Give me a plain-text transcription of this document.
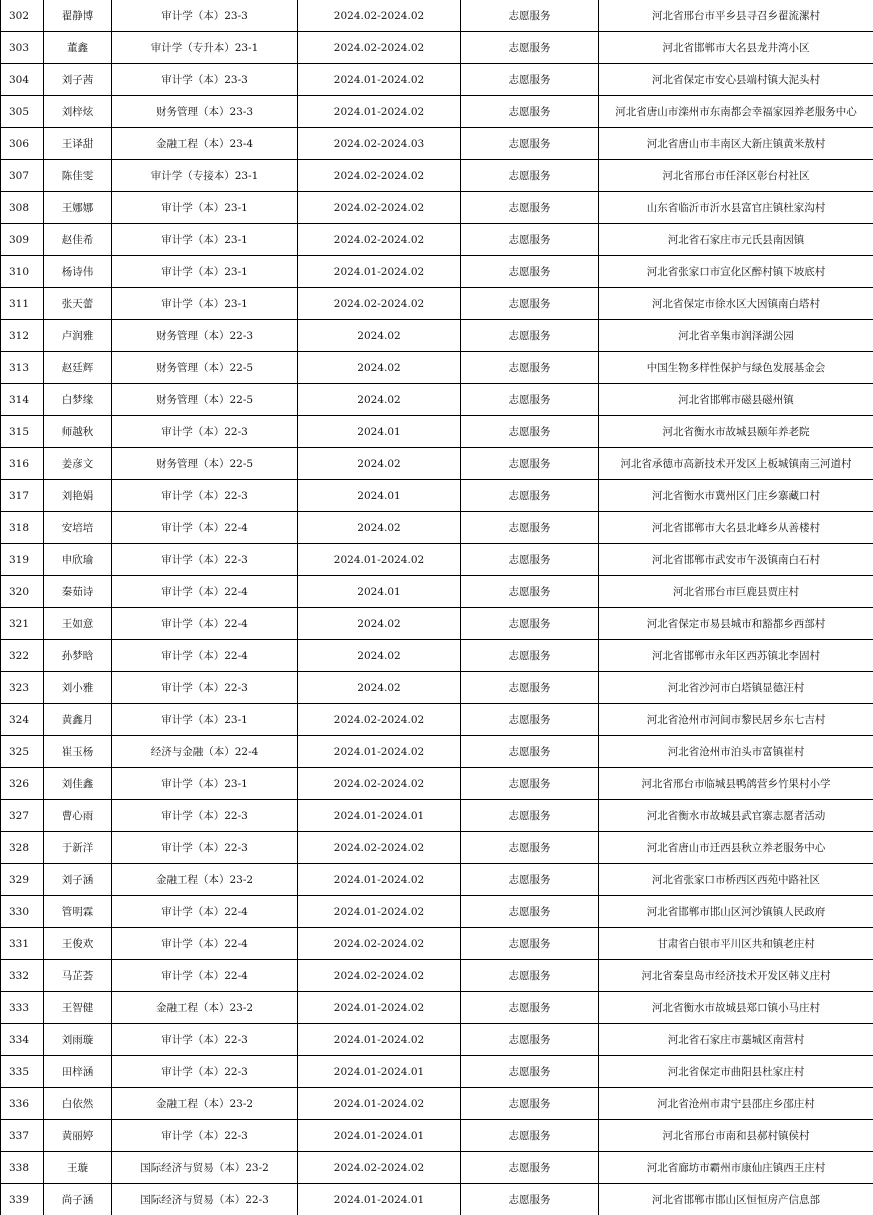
302	翟静博	审计学（本）23-3	2024.02-2024.02	志愿服务	河北省邢台市平乡县寻召乡翟流漯村
303	董鑫	审计学（专升本）23-1	2024.02-2024.02	志愿服务	河北省邯郸市大名县龙井湾小区
304	刘子茜	审计学（本）23-3	2024.01-2024.02	志愿服务	河北省保定市安心县端村镇大泥头村
305	刘梓炫	财务管理（本）23-3	2024.01-2024.02	志愿服务	河北省唐山市滦州市东南都会幸福家园养老服务中心
306	王译甜	金融工程（本）23-4	2024.02-2024.03	志愿服务	河北省唐山市丰南区大新庄镇黄米敖村
307	陈佳雯	审计学（专接本）23-1	2024.02-2024.02	志愿服务	河北省邢台市任泽区彰台村社区
308	王娜娜	审计学（本）23-1	2024.02-2024.02	志愿服务	山东省临沂市沂水县富官庄镇杜家沟村
309	赵佳希	审计学（本）23-1	2024.02-2024.02	志愿服务	河北省石家庄市元氏县南因镇
310	杨诗伟	审计学（本）23-1	2024.01-2024.02	志愿服务	河北省张家口市宣化区醉村镇下坡底村
311	张天蕾	审计学（本）23-1	2024.02-2024.02	志愿服务	河北省保定市徐水区大因镇南白塔村
312	卢润雅	财务管理（本）22-3	2024.02	志愿服务	河北省辛集市润泽湖公园
313	赵廷辉	财务管理（本）22-5	2024.02	志愿服务	中国生物多样性保护与绿色发展基金会
314	白梦缘	财务管理（本）22-5	2024.02	志愿服务	河北省邯郸市磁县磁州镇
315	师越秋	审计学（本）22-3	2024.01	志愿服务	河北省衡水市故城县颐年养老院
316	姜彦文	财务管理（本）22-5	2024.02	志愿服务	河北省承德市高新技术开发区上板城镇南三河道村
317	刘艳娟	审计学（本）22-3	2024.01	志愿服务	河北省衡水市冀州区门庄乡寨藏口村
318	安培培	审计学（本）22-4	2024.02	志愿服务	河北省邯郸市大名县北峰乡从善楼村
319	申欣瑜	审计学（本）22-3	2024.01-2024.02	志愿服务	河北省邯郸市武安市午汲镇南白石村
320	秦茹诗	审计学（本）22-4	2024.01	志愿服务	河北省邢台市巨鹿县贾庄村
321	王如意	审计学（本）22-4	2024.02	志愿服务	河北省保定市易县城市和豁都乡西部村
322	孙梦晗	审计学（本）22-4	2024.02	志愿服务	河北省邯郸市永年区西苏镇北李固村
323	刘小雅	审计学（本）22-3	2024.02	志愿服务	河北省沙河市白塔镇显德汪村
324	黄鑫月	审计学（本）23-1	2024.02-2024.02	志愿服务	河北省沧州市河间市黎民居乡东七吉村
325	崔玉杨	经济与金融（本）22-4	2024.01-2024.02	志愿服务	河北省沧州市泊头市富镇崔村
326	刘佳鑫	审计学（本）23-1	2024.02-2024.02	志愿服务	河北省邢台市临城县鸭鸽营乡竹果村小学
327	曹心雨	审计学（本）22-3	2024.01-2024.01	志愿服务	河北省衡水市故城县武官寨志愿者活动
328	于新洋	审计学（本）22-3	2024.02-2024.02	志愿服务	河北省唐山市迁西县秋立养老服务中心
329	刘子涵	金融工程（本）23-2	2024.01-2024.02	志愿服务	河北省张家口市桥西区西苑中路社区
330	管明霖	审计学（本）22-4	2024.01-2024.02	志愿服务	河北省邯郸市邯山区河沙镇镇人民政府
331	王俊欢	审计学（本）22-4	2024.02-2024.02	志愿服务	甘肃省白银市平川区共和镇老庄村
332	马芷荟	审计学（本）22-4	2024.02-2024.02	志愿服务	河北省秦皇岛市经济技术开发区韩义庄村
333	王智健	金融工程（本）23-2	2024.01-2024.02	志愿服务	河北省衡水市故城县郑口镇小马庄村
334	刘雨璇	审计学（本）22-3	2024.01-2024.02	志愿服务	河北省石家庄市藁城区南营村
335	田梓涵	审计学（本）22-3	2024.01-2024.01	志愿服务	河北省保定市曲阳县杜家庄村
336	白依然	金融工程（本）23-2	2024.01-2024.02	志愿服务	河北省沧州市肃宁县邵庄乡邵庄村
337	黄丽婷	审计学（本）22-3	2024.01-2024.01	志愿服务	河北省邢台市南和县郝村镇侯村
338	王璇	国际经济与贸易（本）23-2	2024.02-2024.02	志愿服务	河北省廊坊市霸州市康仙庄镇西王庄村
339	尚子涵	国际经济与贸易（本）22-3	2024.01-2024.01	志愿服务	河北省邯郸市邯山区恒恒房产信息部
